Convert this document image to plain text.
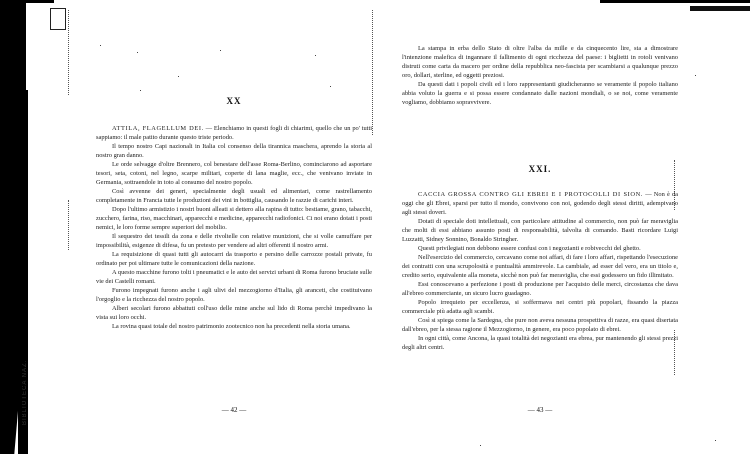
BIBLIOTECA NAZ.
XX

ATTILA, FLAGELLUM DEI. — Elenchiamo in questi fogli di chiarimi, quello che un po' tutti sappiamo: il male patito durante questo triste periodo.

Il tempo nostro Capi nazionali in Italia col consenso della tirannica maschera, aprendo la storia al nostro gran danno.

Le orde selvagge d'oltre Brennero, col benestare dell'asse Roma-Berlino, cominciarono ad asportare tesori, seta, cotoni, nel legno, scarpe militari, coperte di lana maglie, ecc., che venivano inviate in Germania, sottraendole in toto al consumo del nostro popolo.

Così avvenne dei generi, specialmente degli usuali ed alimentari, come rastrellamento completamente in Francia tutte le produzioni dei vini in bottiglia, causando le razzie di carichi interi.

Dopo l'ultimo armistizio i nostri buoni alleati si dettero alla rapina di tutto: bestiame, grano, tabacchi, zucchero, farina, riso, macchinari, apparecchi e medicine, apparecchi radiofonici. Ci noi erano dotati i posti nemici, le loro forme sempre superiori del mobilio.

Il sequestro dei tessili da zona e delle rivoltelle con relative munizioni, che si volle camuffare per impossibilità, esigenze di difesa, fu un pretesto per vendere ad altri offerenti il nostro armi.

La requisizione di quasi tutti gli autocarri da trasporto e persino delle carrozze postali private, fu ordinato per poi ultimare tutte le comunicazioni della nazione.

A questo macchine furono tolti i pneumatici e le auto dei servizi urbani di Roma furono bruciate sulle vie dei Castelli romani.

Furono impegnati furono anche i agli ulivi del mezzogiorno d'Italia, gli aranceti, che costituivano l'orgoglio e la ricchezza del nostro popolo.

Alberi secolari furono abbattuti coll'uso delle mine anche sul lido di Roma perchè impedivano la vista sui loro occhi.

La rovina quasi totale del nostro patrimonio zootecnico non ha precedenti nella storia umana.

— 42 —

La stampa in erba dello Stato di oltre l'alba da mille e da cinquecento lire, sta a dimostrare l'intenzione malefica di ingannare il fallimento di ogni ricchezza del paese: i biglietti in rotoli venivano distruti come carta da macero per ordine della repubblica neo-fascista per scambiarsi a qualunque prezzo oro, dollari, sterline, ed oggetti preziosi.

Da questi dati i popoli civili ed i loro rappresentanti giudicheranno se veramente il popolo italiano abbia voluto la guerra e si possa essere condannato dalle nazioni mondiali, o se noi, come veramente vogliamo, dobbiamo sopravvivere.

XXI.

CACCIA GROSSA CONTRO GLI EBREI E I PROTOCOLLI DI SION. — Non è da oggi che gli Ebrei, sparsi per tutto il mondo, convivono con noi, godendo degli stessi diritti, adempivano agli stessi doveri.

Dotati di speciale doti intellettuali, con particolare attitudine al commercio, non può far meraviglia che molti di essi abbiano assunto posti di responsabilità, talvolta di comando. Basti ricordare Luigi Luzzatti, Sidney Sonnino, Bonaldo Stringher.

Questi privilegiati non debbono essere confusi con i negozianti e robivecchi del ghetto.

Nell'esercizio del commercio, cercavano come noi affari, di fare i loro affari, rispettando l'esecuzione dei contratti con una scrupolosità e puntualità ammirevole. La cambiale, ad esser del vero, era un titolo e, credito serio, equivalente alla moneta, sicchè non può far meraviglia, che essi godessero un fido illimitato.

Essi conoscevano a perfezione i posti di produzione per l'acquisto delle merci, circostanza che dava all'ebreo commerciante, un sicuro lucro guadagno.

Popolo irrequieto per eccellenza, si soffermava nei centri più popolari, fissando la piazza commerciale più adatta agli scambi.

Così si spiega come la Sardegna, che pure non aveva nessuna prospettiva di razze, era quasi disertata dall'ebreo, per la stessa ragione il Mezzogiorno, in genere, era poco popolato di ebrei.

In ogni città, come Ancona, la quasi totalità dei negozianti era ebrea, pur mantenendo gli stessi prezzi degli altri centri.

— 43 —
